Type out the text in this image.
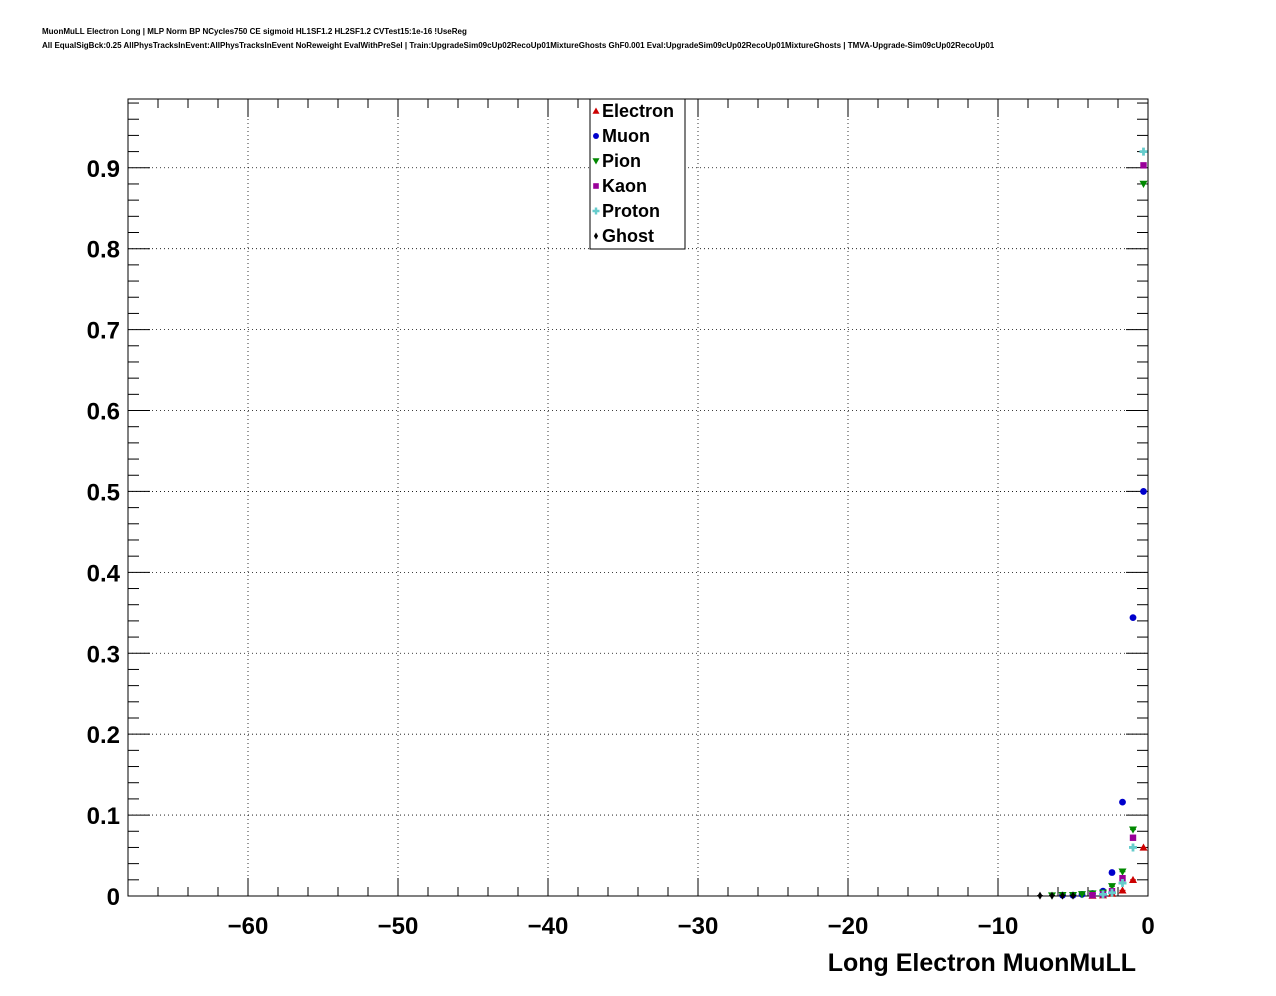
MuonMuLL Electron Long | MLP Norm BP NCycles750 CE sigmoid HL1SF1.2 HL2SF1.2 CVTest15:1e-16 !UseReg
All EqualSigBck:0.25 AllPhysTracksInEvent:AllPhysTracksInEvent NoReweight EvalWithPreSel | Train:UpgradeSim09cUp02RecoUp01MixtureGhosts GhF0.001 Eval:UpgradeSim09cUp02RecoUp01MixtureGhosts | TMVA-Upgrade-Sim09cUp02RecoUp01
−60	−50	−40	−30	−20	−10	0
0
0.1
0.2
0.3
0.4
0.5
0.6
0.7
0.8
0.9
Long Electron MuonMuLL
Electron
Muon
Pion
Kaon
Proton
Ghost
